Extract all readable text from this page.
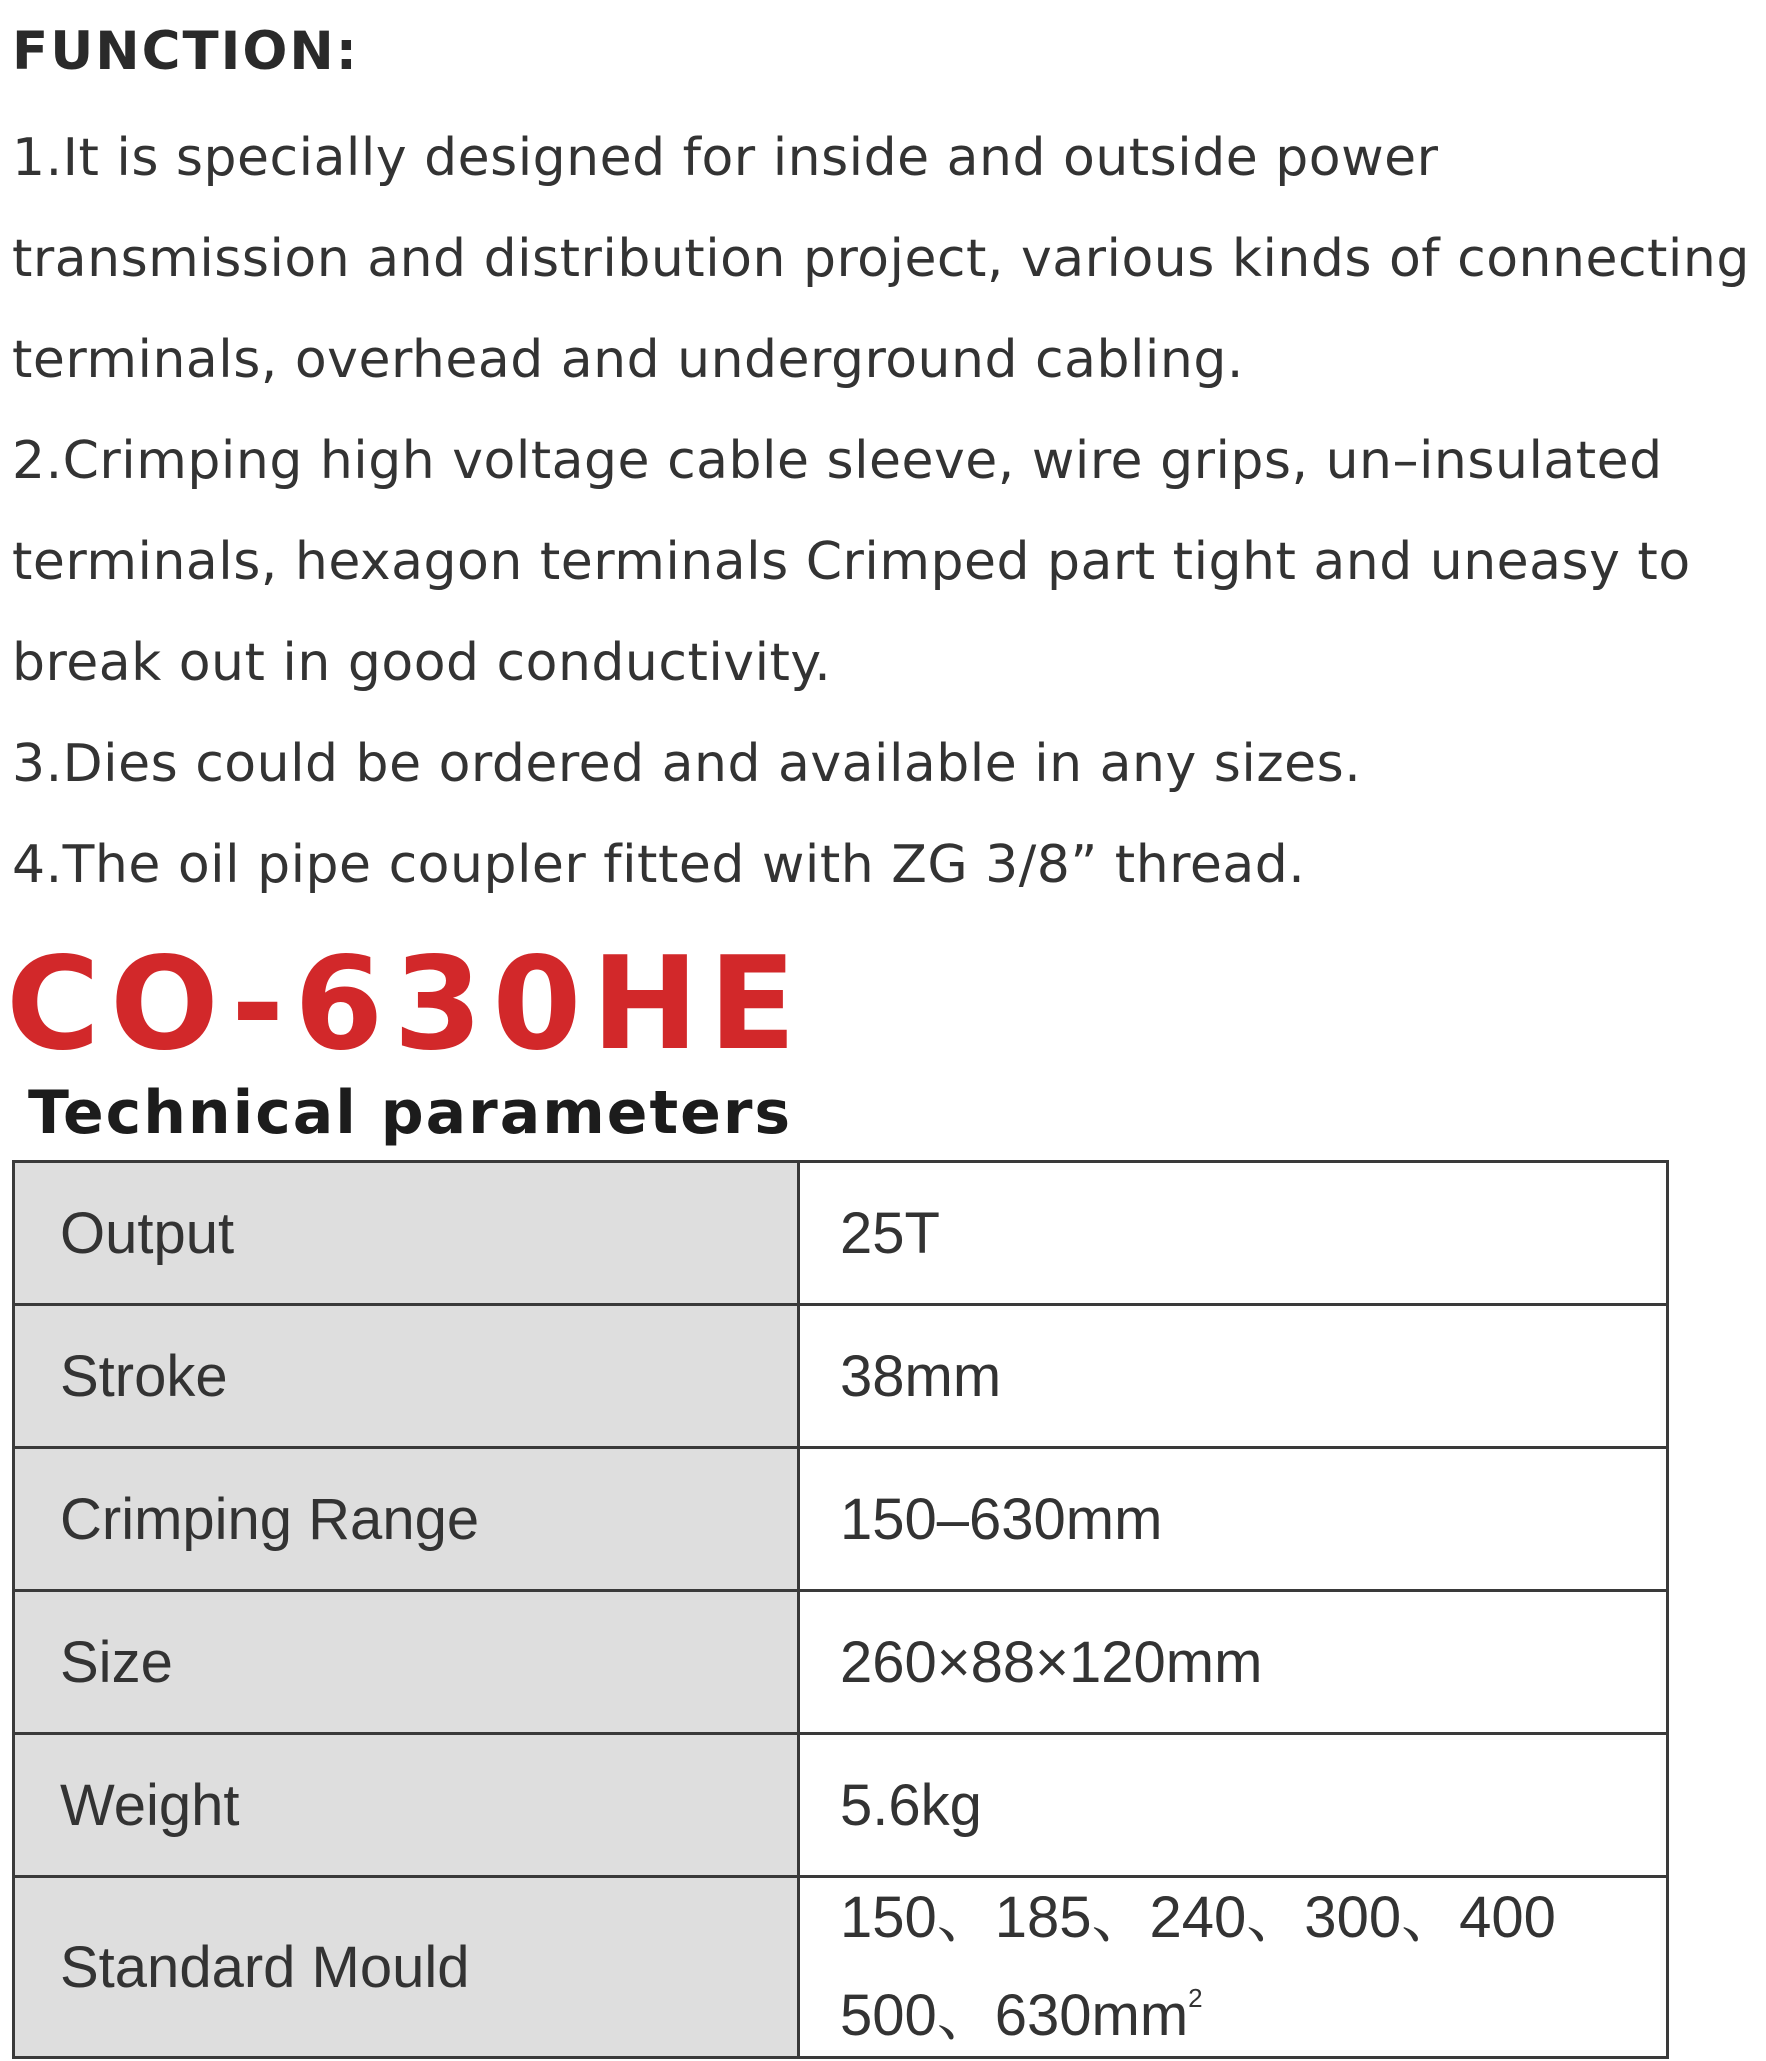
FUNCTION:

1.It is specially designed for inside and outside power transmission and distribution project, various kinds of connecting terminals, overhead and underground cabling.

2.Crimping high voltage cable sleeve, wire grips, un–insulated terminals, hexagon terminals Crimped part tight and uneasy to break out in good conductivity.

3.Dies could be ordered and available in any sizes.

4.The oil pipe coupler fitted with ZG 3/8” thread.

CO-630HE
Technical parameters
Output	25T
Stroke	38mm
Crimping Range	150–630mm
Size	260×88×120mm
Weight	5.6kg
Standard Mould	150、185、240、300、400
500、$630mm^2$
